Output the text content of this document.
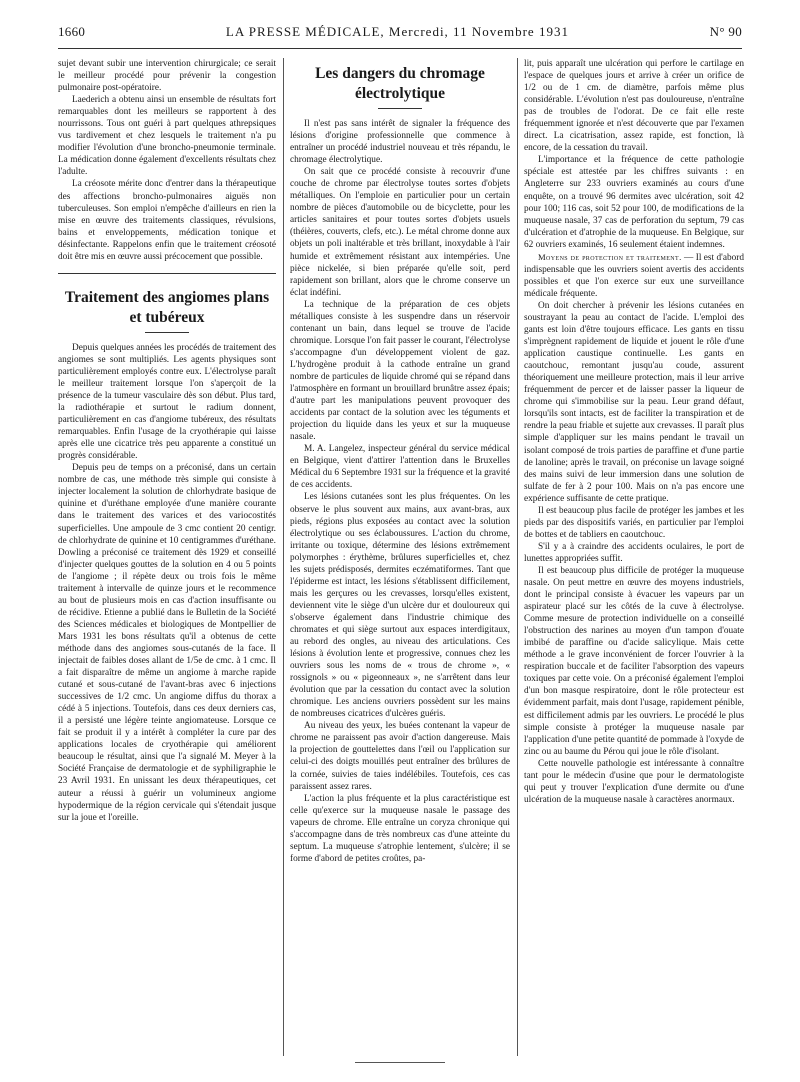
1660	LA PRESSE MÉDICALE, Mercredi, 11 Novembre 1931	N° 90

sujet devant subir une intervention chirurgicale; ce serait le meilleur procédé pour prévenir la congestion pulmonaire post-opératoire.

Laederich a obtenu ainsi un ensemble de résultats fort remarquables dont les meilleurs se rapportent à des nourrissons. Tous ont guéri à part quelques athrepsiques vus tardivement et chez lesquels le traitement n'a pu modifier l'évolution d'une broncho-pneumonie terminale. La médication donne également d'excellents résultats chez l'adulte.

La créosote mérite donc d'entrer dans la thérapeutique des affections broncho-pulmonaires aiguës non tuberculeuses. Son emploi n'empêche d'ailleurs en rien la mise en œuvre des traitements classiques, révulsions, bains et enveloppements, médication tonique et désinfectante. Rappelons enfin que le traitement créosoté doit être mis en œuvre aussi précocement que possible.

Traitement des angiomes plans et tubéreux

Depuis quelques années les procédés de traitement des angiomes se sont multipliés. Les agents physiques sont particulièrement employés contre eux. L'électrolyse paraît le meilleur traitement lorsque l'on s'aperçoit de la présence de la tumeur vasculaire dès son début. Plus tard, la radiothérapie et surtout le radium donnent, particulièrement en cas d'angiome tubéreux, des résultats remarquables. Enfin l'usage de la cryothérapie qui laisse après elle une cicatrice très peu apparente a constitué un progrès considérable.

Depuis peu de temps on a préconisé, dans un certain nombre de cas, une méthode très simple qui consiste à injecter localement la solution de chlorhydrate basique de quinine et d'uréthane employée d'une manière courante dans le traitement des varices et des variocostités superficielles. Une ampoule de 3 cmc contient 20 centigr. de chlorhydrate de quinine et 10 centigrammes d'uréthane. Dowling a préconisé ce traitement dès 1929 et conseillé d'injecter quelques gouttes de la solution en 4 ou 5 points de l'angiome ; il répète deux ou trois fois le même traitement à intervalle de quinze jours et le recommence au bout de plusieurs mois en cas d'action insuffisante ou de récidive. Etienne a publié dans le Bulletin de la Société des Sciences médicales et biologiques de Montpellier de Mars 1931 les bons résultats qu'il a obtenus de cette méthode dans des angiomes sous-cutanés de la face. Il injectait de faibles doses allant de 1/5e de cmc. à 1 cmc. Il a fait disparaître de même un angiome à marche rapide cutané et sous-cutané de l'avant-bras avec 6 injections successives de 1/2 cmc. Un angiome diffus du thorax a cédé à 5 injections. Toutefois, dans ces deux derniers cas, il a persisté une légère teinte angiomateuse. Lorsque ce fait se produit il y a intérêt à compléter la cure par des applications locales de cryothérapie qui améliorent beaucoup le résultat, ainsi que l'a signalé M. Meyer à la Société Française de dermatologie et de syphiligraphie le 23 Avril 1931. En unissant les deux thérapeutiques, cet auteur a réussi à guérir un volumineux angiome hypodermique de la région cervicale qui s'étendait jusque sur la joue et l'oreille.

Les dangers du chromage électrolytique

Il n'est pas sans intérêt de signaler la fréquence des lésions d'origine professionnelle que commence à entraîner un procédé industriel nouveau et très répandu, le chromage électrolytique.

On sait que ce procédé consiste à recouvrir d'une couche de chrome par électrolyse toutes sortes d'objets métalliques. On l'emploie en particulier pour un certain nombre de pièces d'automobile ou de bicyclette, pour les articles sanitaires et pour toutes sortes d'objets usuels (théières, couverts, clefs, etc.). Le métal chrome donne aux objets un poli inaltérable et très brillant, inoxydable à l'air humide et extrêmement résistant aux intempéries. Une pièce nickelée, si bien préparée qu'elle soit, perd rapidement son brillant, alors que le chrome conserve un éclat indéfini.

La technique de la préparation de ces objets métalliques consiste à les suspendre dans un réservoir contenant un bain, dans lequel se trouve de l'acide chromique. Lorsque l'on fait passer le courant, l'électrolyse s'accompagne d'un développement violent de gaz. L'hydrogène produit à la cathode entraîne un grand nombre de particules de liquide chromé qui se répand dans l'atmosphère en formant un brouillard brunâtre assez épais; d'autre part les manipulations peuvent provoquer des accidents par contact de la solution avec les téguments et projection du liquide dans les yeux et sur la muqueuse nasale.

M. A. Langelez, inspecteur général du service médical en Belgique, vient d'attirer l'attention dans le Bruxelles Médical du 6 Septembre 1931 sur la fréquence et la gravité de ces accidents.

Les lésions cutanées sont les plus fréquentes. On les observe le plus souvent aux mains, aux avant-bras, aux pieds, régions plus exposées au contact avec la solution électrolytique ou ses éclaboussures. L'action du chrome, irritante ou toxique, détermine des lésions extrêmement polymorphes : érythème, brûlures superficielles et, chez les sujets prédisposés, dermites eczématiformes. Tant que l'épiderme est intact, les lésions s'établissent difficilement, mais les gerçures ou les crevasses, lorsqu'elles existent, deviennent vite le siège d'un ulcère dur et douloureux qui s'observe également dans l'industrie chimique des chromates et qui siège surtout aux espaces interdigitaux, au rebord des ongles, au niveau des articulations. Ces lésions à évolution lente et progressive, connues chez les ouvriers sous les noms de « trous de chrome », « rossignols » ou « pigeonneaux », ne s'arrêtent dans leur évolution que par la cessation du contact avec la solution chromique. Les anciens ouvriers possèdent sur les mains de nombreuses cicatrices d'ulcères guéris.

Au niveau des yeux, les buées contenant la vapeur de chrome ne paraissent pas avoir d'action dangereuse. Mais la projection de gouttelettes dans l'œil ou l'application sur celui-ci des doigts mouillés peut entraîner des brûlures de la cornée, suivies de taies indélébiles. Toutefois, ces cas paraissent assez rares.

L'action la plus fréquente et la plus caractéristique est celle qu'exerce sur la muqueuse nasale le passage des vapeurs de chrome. Elle entraîne un coryza chronique qui s'accompagne dans de très nombreux cas d'une atteinte du septum. La muqueuse s'atrophie lentement, s'ulcère; il se forme d'abord de petites croûtes, pa-

lit, puis apparaît une ulcération qui perfore le cartilage en l'espace de quelques jours et arrive à créer un orifice de 1/2 ou de 1 cm. de diamètre, parfois même plus considérable. L'évolution n'est pas douloureuse, n'entraîne pas de troubles de l'odorat. De ce fait elle reste fréquemment ignorée et n'est découverte que par l'examen direct. La cicatrisation, assez rapide, est fonction, là encore, de la cessation du travail.

L'importance et la fréquence de cette pathologie spéciale est attestée par les chiffres suivants : en Angleterre sur 233 ouvriers examinés au cours d'une enquête, on a trouvé 96 dermites avec ulcération, soit 42 pour 100; 116 cas, soit 52 pour 100, de modifications de la muqueuse nasale, 37 cas de perforation du septum, 79 cas d'ulcération et d'atrophie de la muqueuse. En Belgique, sur 62 ouvriers examinés, 16 seulement étaient indemnes.

Moyens de protection et traitement. — Il est d'abord indispensable que les ouvriers soient avertis des accidents possibles et que l'on exerce sur eux une surveillance médicale fréquente.

On doit chercher à prévenir les lésions cutanées en soustrayant la peau au contact de l'acide. L'emploi des gants est loin d'être toujours efficace. Les gants en tissu s'imprègnent rapidement de liquide et jouent le rôle d'une application caustique continuelle. Les gants en caoutchouc, remontant jusqu'au coude, assurent théoriquement une meilleure protection, mais il leur arrive fréquemment de percer et de laisser passer la liqueur de chrome qui s'immobilise sur la peau. Leur grand défaut, lorsqu'ils sont intacts, est de faciliter la transpiration et de rendre la peau friable et sujette aux crevasses. Il paraît plus simple d'appliquer sur les mains pendant le travail un isolant composé de trois parties de paraffine et d'une partie de lanoline; après le travail, on préconise un lavage soigné des mains suivi de leur immersion dans une solution de sulfate de fer à 2 pour 100. Mais on n'a pas encore une expérience suffisante de cette pratique.

Il est beaucoup plus facile de protéger les jambes et les pieds par des dispositifs variés, en particulier par l'emploi de bottes et de tabliers en caoutchouc.

S'il y a à craindre des accidents oculaires, le port de lunettes appropriées suffit.

Il est beaucoup plus difficile de protéger la muqueuse nasale. On peut mettre en œuvre des moyens industriels, dont le principal consiste à évacuer les vapeurs par un aspirateur placé sur les côtés de la cuve à électrolyse. Comme mesure de protection individuelle on a conseillé l'obstruction des narines au moyen d'un tampon d'ouate imbibé de paraffine ou d'acide salicylique. Mais cette méthode a le grave inconvénient de forcer l'ouvrier à la respiration buccale et de faciliter l'absorption des vapeurs toxiques par cette voie. On a préconisé également l'emploi d'un bon masque respiratoire, dont le rôle protecteur est évidemment parfait, mais dont l'usage, rapidement pénible, est difficilement admis par les ouvriers. Le procédé le plus simple consiste à protéger la muqueuse nasale par l'application d'une petite quantité de pommade à l'oxyde de zinc ou au baume du Pérou qui joue le rôle d'isolant.

Cette nouvelle pathologie est intéressante à connaître tant pour le médecin d'usine que pour le dermatologiste qui peut y trouver l'explication d'une dermite ou d'une ulcération de la muqueuse nasale à caractères anormaux.
